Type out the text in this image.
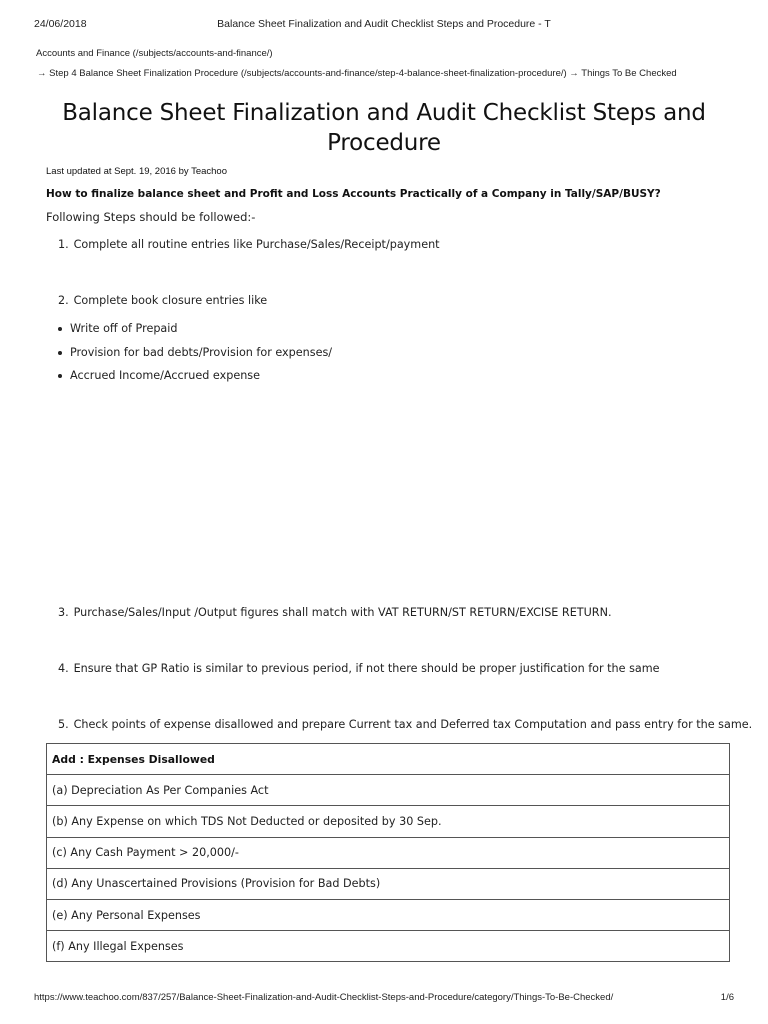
24/06/2018	Balance Sheet Finalization and Audit Checklist Steps and Procedure - T
Accounts and Finance (/subjects/accounts-and-finance/)
→ Step 4 Balance Sheet Finalization Procedure (/subjects/accounts-and-finance/step-4-balance-sheet-finalization-procedure/) → Things To Be Checked
Balance Sheet Finalization and Audit Checklist Steps and Procedure
Last updated at Sept. 19, 2016 by Teachoo
How to finalize balance sheet and Profit and Loss Accounts Practically of a Company in Tally/SAP/BUSY?
Following Steps should be followed:-
1. Complete all routine entries like Purchase/Sales/Receipt/payment
2. Complete book closure entries like
Write off of Prepaid
Provision for bad debts/Provision for expenses/
Accrued Income/Accrued expense
3. Purchase/Sales/Input /Output figures shall match with VAT RETURN/ST RETURN/EXCISE RETURN.
4. Ensure that GP Ratio is similar to previous period, if not there should be proper justification for the same
5. Check points of expense disallowed and prepare Current tax and Deferred tax Computation and pass entry for the same.
Add : Expenses Disallowed
(a) Depreciation As Per Companies Act
(b) Any Expense on which TDS Not Deducted or deposited by 30 Sep.
(c) Any Cash Payment > 20,000/-
(d) Any Unascertained Provisions (Provision for Bad Debts)
(e) Any Personal Expenses
(f) Any Illegal Expenses
https://www.teachoo.com/837/257/Balance-Sheet-Finalization-and-Audit-Checklist-Steps-and-Procedure/category/Things-To-Be-Checked/	1/6
